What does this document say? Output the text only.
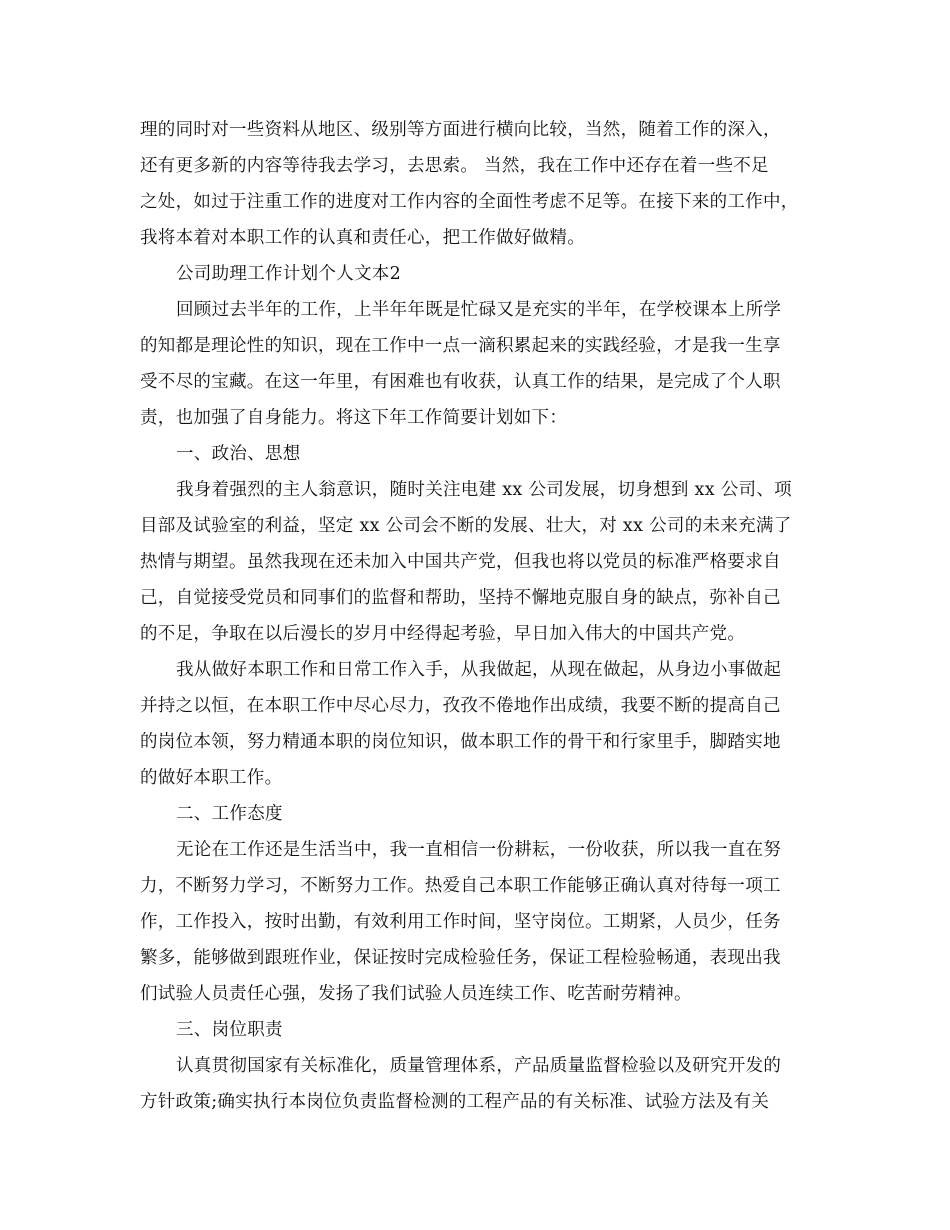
理的同时对一些资料从地区、级别等方面进行横向比较，当然，随着工作的深入，
还有更多新的内容等待我去学习，去思索。 当然，我在工作中还存在着一些不足
之处，如过于注重工作的进度对工作内容的全面性考虑不足等。在接下来的工作中，
我将本着对本职工作的认真和责任心，把工作做好做精。
公司助理工作计划个人文本2
回顾过去半年的工作，上半年年既是忙碌又是充实的半年，在学校课本上所学
的知都是理论性的知识，现在工作中一点一滴积累起来的实践经验，才是我一生享
受不尽的宝藏。在这一年里，有困难也有收获，认真工作的结果，是完成了个人职
责，也加强了自身能力。将这下年工作简要计划如下：
一、政治、思想
我身着强烈的主人翁意识，随时关注电建 xx 公司发展，切身想到 xx 公司、项
目部及试验室的利益，坚定 xx 公司会不断的发展、壮大，对 xx 公司的未来充满了
热情与期望。虽然我现在还未加入中国共产党，但我也将以党员的标准严格要求自
己，自觉接受党员和同事们的监督和帮助，坚持不懈地克服自身的缺点，弥补自己
的不足，争取在以后漫长的岁月中经得起考验，早日加入伟大的中国共产党。
我从做好本职工作和日常工作入手，从我做起，从现在做起，从身边小事做起
并持之以恒，在本职工作中尽心尽力，孜孜不倦地作出成绩，我要不断的提高自己
的岗位本领，努力精通本职的岗位知识，做本职工作的骨干和行家里手，脚踏实地
的做好本职工作。
二、工作态度
无论在工作还是生活当中，我一直相信一份耕耘，一份收获，所以我一直在努
力，不断努力学习，不断努力工作。热爱自己本职工作能够正确认真对待每一项工
作，工作投入，按时出勤，有效利用工作时间，坚守岗位。工期紧，人员少，任务
繁多，能够做到跟班作业，保证按时完成检验任务，保证工程检验畅通，表现出我
们试验人员责任心强，发扬了我们试验人员连续工作、吃苦耐劳精神。
三、岗位职责
认真贯彻国家有关标准化，质量管理体系，产品质量监督检验以及研究开发的
方针政策;确实执行本岗位负责监督检测的工程产品的有关标准、试验方法及有关
